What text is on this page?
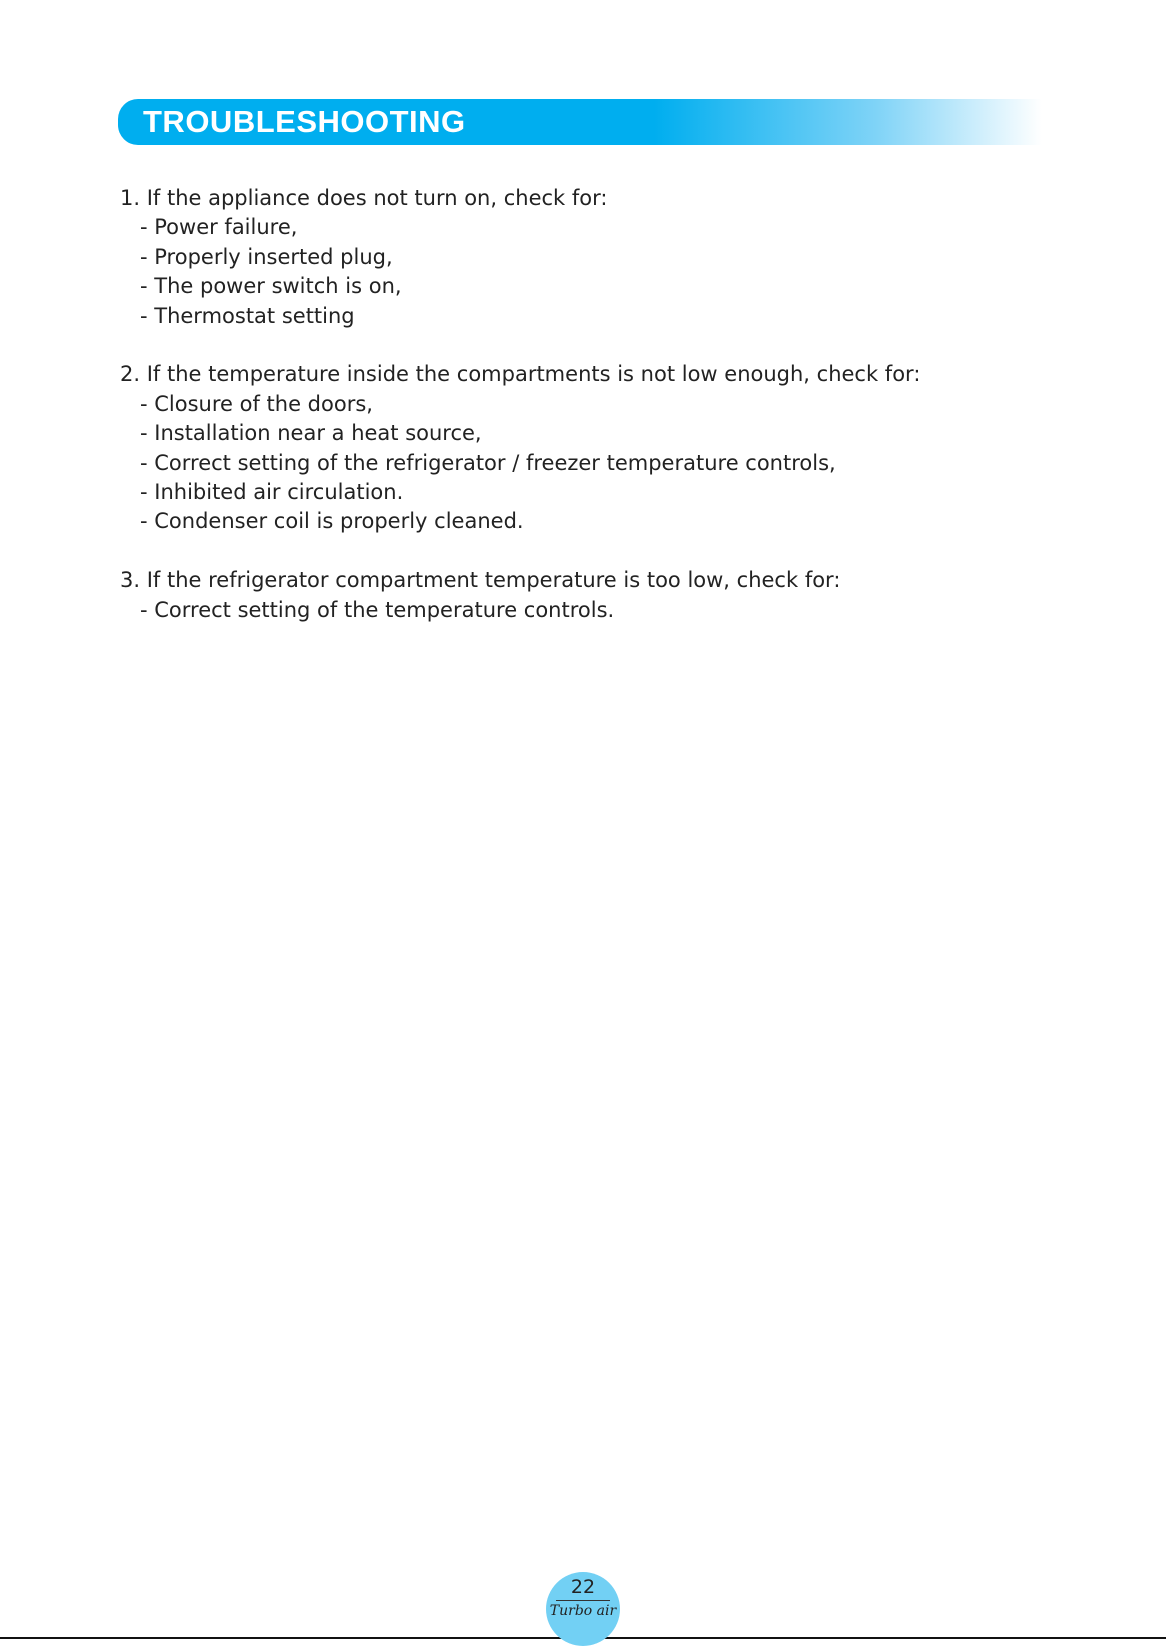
TROUBLESHOOTING

1. If the appliance does not turn on, check for:

- Power failure,
- Properly inserted plug,
- The power switch is on,
- Thermostat setting

2. If the temperature inside the compartments is not low enough, check for:

- Closure of the doors,
- Installation near a heat source,
- Correct setting of the refrigerator / freezer temperature controls,
- Inhibited air circulation.
- Condenser coil is properly cleaned.

3. If the refrigerator compartment temperature is too low, check for:

- Correct setting of the temperature controls.
22
Turbo air
